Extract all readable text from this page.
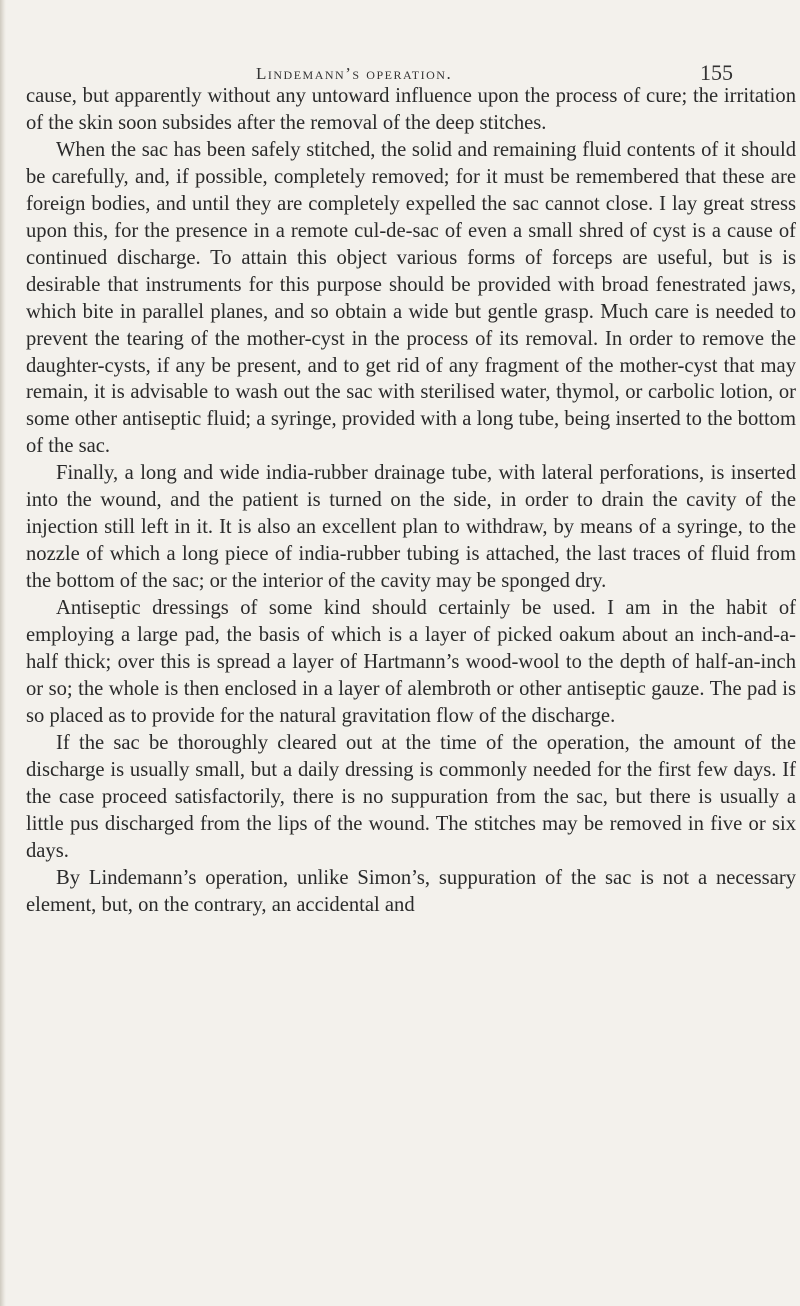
Lindemann’s operation.	155

cause, but apparently without any untoward influence upon the process of cure; the irritation of the skin soon subsides after the removal of the deep stitches.

When the sac has been safely stitched, the solid and remaining fluid contents of it should be carefully, and, if possible, completely removed; for it must be remembered that these are foreign bodies, and until they are completely expelled the sac cannot close. I lay great stress upon this, for the presence in a remote cul-de-sac of even a small shred of cyst is a cause of continued discharge. To attain this object various forms of forceps are useful, but is is desirable that instruments for this purpose should be provided with broad fenestrated jaws, which bite in parallel planes, and so obtain a wide but gentle grasp. Much care is needed to prevent the tearing of the mother-cyst in the process of its removal. In order to remove the daughter-cysts, if any be present, and to get rid of any fragment of the mother-cyst that may remain, it is advisable to wash out the sac with sterilised water, thymol, or carbolic lotion, or some other antiseptic fluid; a syringe, provided with a long tube, being inserted to the bottom of the sac.

Finally, a long and wide india-rubber drainage tube, with lateral perforations, is inserted into the wound, and the patient is turned on the side, in order to drain the cavity of the injection still left in it. It is also an excellent plan to withdraw, by means of a syringe, to the nozzle of which a long piece of india-rubber tubing is attached, the last traces of fluid from the bottom of the sac; or the interior of the cavity may be sponged dry.

Antiseptic dressings of some kind should certainly be used. I am in the habit of employing a large pad, the basis of which is a layer of picked oakum about an inch-and-a-half thick; over this is spread a layer of Hartmann’s wood-wool to the depth of half-an-inch or so; the whole is then enclosed in a layer of alembroth or other antiseptic gauze. The pad is so placed as to provide for the natural gravitation flow of the discharge.

If the sac be thoroughly cleared out at the time of the operation, the amount of the discharge is usually small, but a daily dressing is commonly needed for the first few days. If the case proceed satisfactorily, there is no suppuration from the sac, but there is usually a little pus discharged from the lips of the wound. The stitches may be removed in five or six days.

By Lindemann’s operation, unlike Simon’s, suppuration of the sac is not a necessary element, but, on the contrary, an accidental and
